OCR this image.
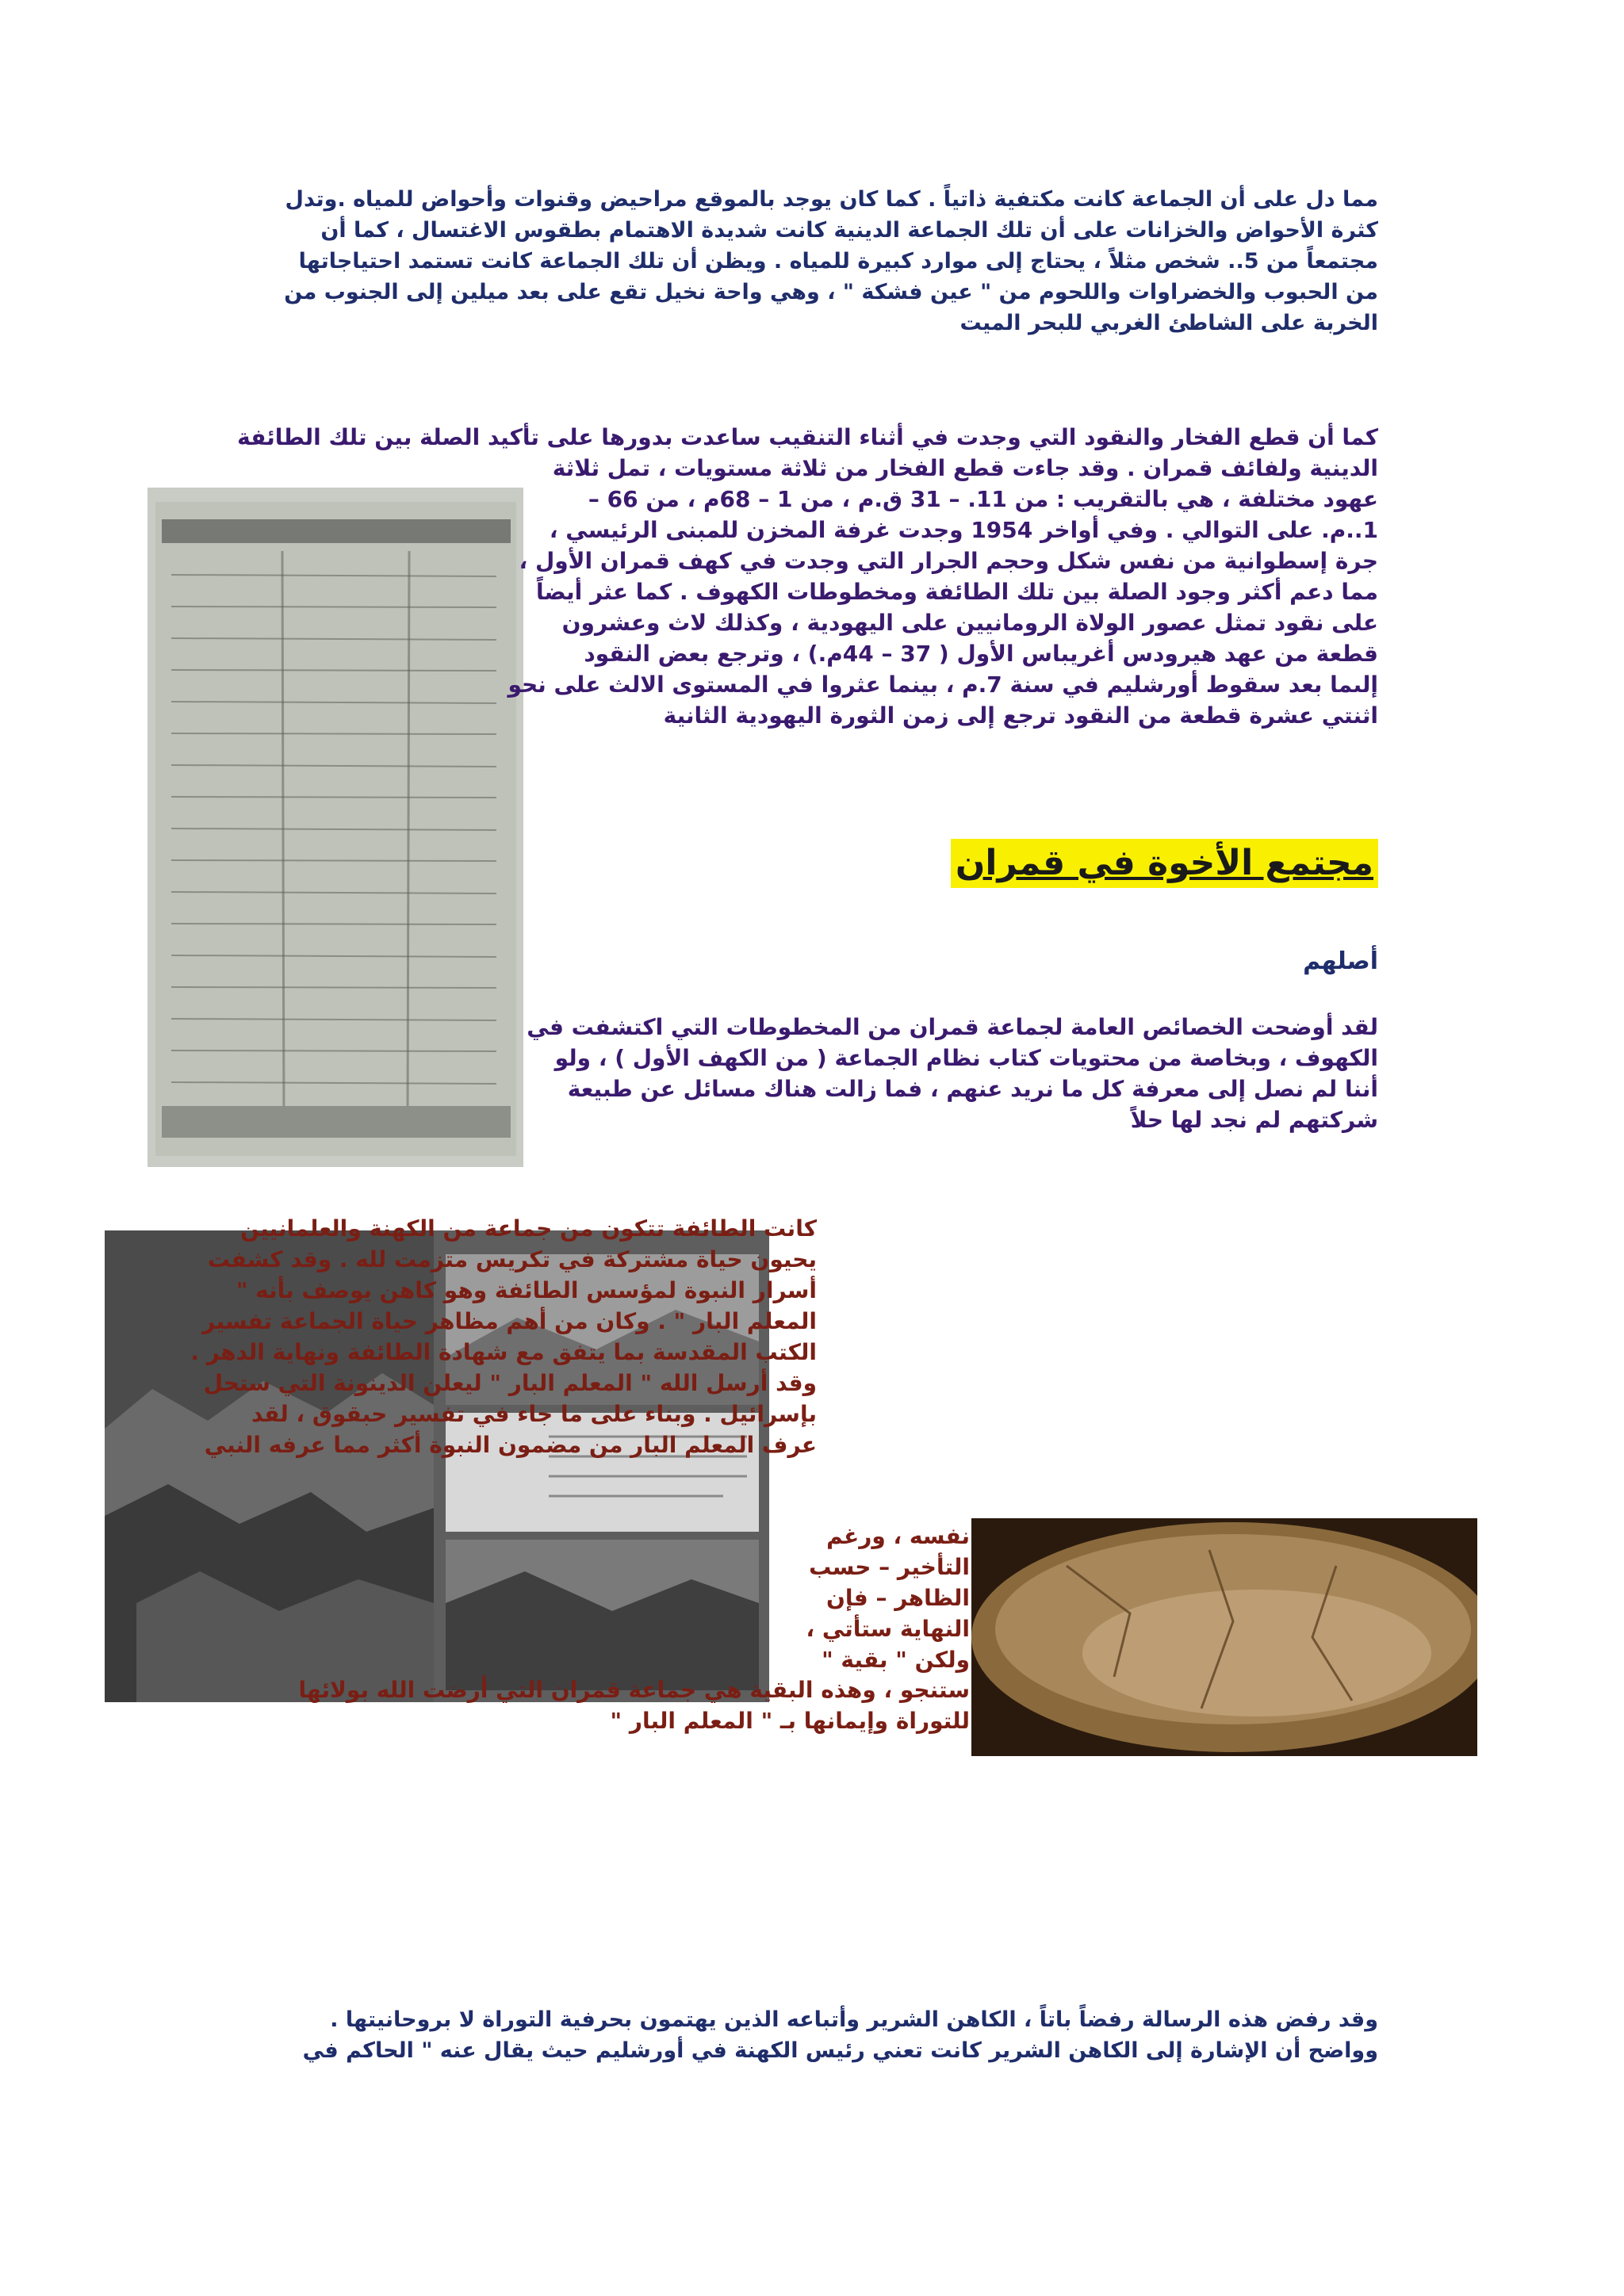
مما دل على أن الجماعة كانت مكتفية ذاتياً . كما كان يوجد بالموقع مراحيض وقنوات وأحواض للمياه .وتدل
كثرة الأحواض والخزانات على أن تلك الجماعة الدينية كانت شديدة الاهتمام بطقوس الاغتسال ، كما أن
مجتمعاً من 5.. شخص مثلاً ، يحتاج إلى موارد كبيرة للمياه . ويظن أن تلك الجماعة كانت تستمد احتياجاتها
من الحبوب والخضراوات واللحوم من " عين فشكة " ، وهي واحة نخيل تقع على بعد ميلين إلى الجنوب من
الخربة على الشاطئ الغربي للبحر الميت
كما أن قطع الفخار والنقود التي وجدت في أثناء التنقيب ساعدت بدورها على تأكيد الصلة بين تلك الطائفة
الدينية ولفائف قمران . وقد جاءت قطع الفخار من ثلاثة مستويات ، تمل ثلاثة
عهود مختلفة ، هي بالتقريب : من 11. – 31 ق.م ، من 1 – 68م ، من 66 –
1..م. على التوالي . وفي أواخر 1954 وجدت غرفة المخزن للمبنى الرئيسي ،
جرة إسطوانية من نفس شكل وحجم الجرار التي وجدت في كهف قمران الأول ،
مما دعم أكثر وجود الصلة بين تلك الطائفة ومخطوطات الكهوف . كما عثر أيضاً
على نقود تمثل عصور الولاة الرومانيين على اليهودية ، وكذلك لاث وعشرون
قطعة من عهد هيرودس أغريباس الأول ( 37 – 44م.) ، وترجع بعض النقود
إلىما بعد سقوط أورشليم في سنة 7.م ، بينما عثروا في المستوى الالث على نحو
اثنتي عشرة قطعة من النقود ترجع إلى زمن الثورة اليهودية الثانية
مجتمع الأخوة في قمران
أصلهم
لقد أوضحت الخصائص العامة لجماعة قمران من المخطوطات التي اكتشفت في
الكهوف ، وبخاصة من محتويات كتاب نظام الجماعة ( من الكهف الأول ) ، ولو
أننا لم نصل إلى معرفة كل ما نريد عنهم ، فما زالت هناك مسائل عن طبيعة
شركتهم لم نجد لها حلاً
كانت الطائفة تتكون من جماعة من الكهنة والعلمانيين
يحيون حياة مشتركة في تكريس متزمت لله . وقد كشفت
أسرار النبوة لمؤسس الطائفة وهو كاهن يوصف بأنه "
المعلم البار " . وكان من أهم مظاهر حياة الجماعة تفسير
الكتب المقدسة بما يتفق مع شهادة الطائفة ونهاية الدهر .
وقد أرسل الله " المعلم البار " ليعلن الدينونة التي ستحل
بإسرائيل . وبناء على ما جاء في تفسير حبقوق ، لقد
عرف المعلم البار من مضمون النبوة أكثر مما عرفه النبي
نفسه ، ورغم
التأخير – حسب
الظاهر – فإن
النهاية ستأتي ،
ولكن " بقية "
ستنجو ، وهذه البقية هي جماعة قمران التي أرضت الله بولائها
للتوراة وإيمانها بـ " المعلم البار "
وقد رفض هذه الرسالة رفضاً باتاً ، الكاهن الشرير وأتباعه الذين يهتمون بحرفية التوراة لا بروحانيتها .
وواضح أن الإشارة إلى الكاهن الشرير كانت تعني رئيس الكهنة في أورشليم حيث يقال عنه " الحاكم في
